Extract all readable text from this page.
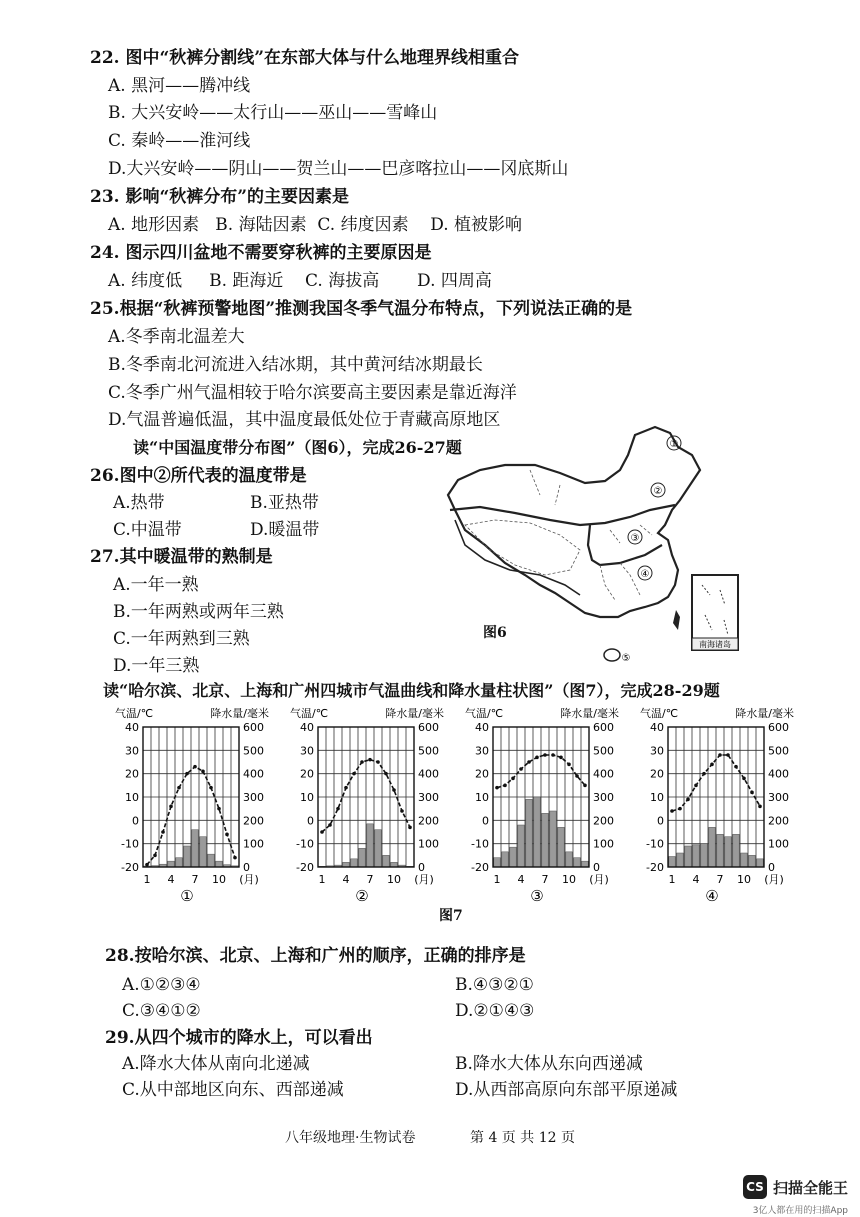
22. 图中“秋裤分割线”在东部大体与什么地理界线相重合
A. 黑河——腾冲线
B. 大兴安岭——太行山——巫山——雪峰山
C. 秦岭——淮河线
D.大兴安岭——阴山——贺兰山——巴彦喀拉山——冈底斯山
23. 影响“秋裤分布”的主要因素是
A. 地形因素   B. 海陆因素  C. 纬度因素    D. 植被影响
24. 图示四川盆地不需要穿秋裤的主要原因是
A. 纬度低     B. 距海近    C. 海拔高       D. 四周高
25.根据“秋裤预警地图”推测我国冬季气温分布特点，下列说法正确的是
A.冬季南北温差大
B.冬季南北河流进入结冰期，其中黄河结冰期最长
C.冬季广州气温相较于哈尔滨要高主要因素是靠近海洋
D.气温普遍低温，其中温度最低处位于青藏高原地区
读“中国温度带分布图”（图6），完成26-27题
26.图中②所代表的温度带是
A.热带	B.亚热带
C.中温带	D.暖温带
27.其中暖温带的熟制是
A.一年一熟
B.一年两熟或两年三熟
C.一年两熟到三熟
D.一年三熟
①
②
③
④
⑤
南海诸岛
图6
读“哈尔滨、北京、上海和广州四城市气温曲线和降水量柱状图”（图7），完成28-29题
气温/℃	降水量/毫米
40
30
20
10
0
-10
-20
600
500
400
300
200
100
0
1 4 7 10 (月)
①
气温/℃	降水量/毫米
40
30
20
10
0
-10
-20
600
500
400
300
200
100
0
1 4 7 10 (月)
②
气温/℃	降水量/毫米
40
30
20
10
0
-10
-20
600
500
400
300
200
100
0
1 4 7 10 (月)
③
气温/℃	降水量/毫米
40
30
20
10
0
-10
-20
600
500
400
300
200
100
0
1 4 7 10 (月)
④
图7
28.按哈尔滨、北京、上海和广州的顺序，正确的排序是
A.①②③④	B.④③②①
C.③④①②	D.②①④③
29.从四个城市的降水上，可以看出
A.降水大体从南向北递减	B.降水大体从东向西递减
C.从中部地区向东、西部递减	D.从西部高原向东部平原递减
八年级地理·生物试卷	第 4 页 共 12 页
CS 扫描全能王
3亿人都在用的扫描App
